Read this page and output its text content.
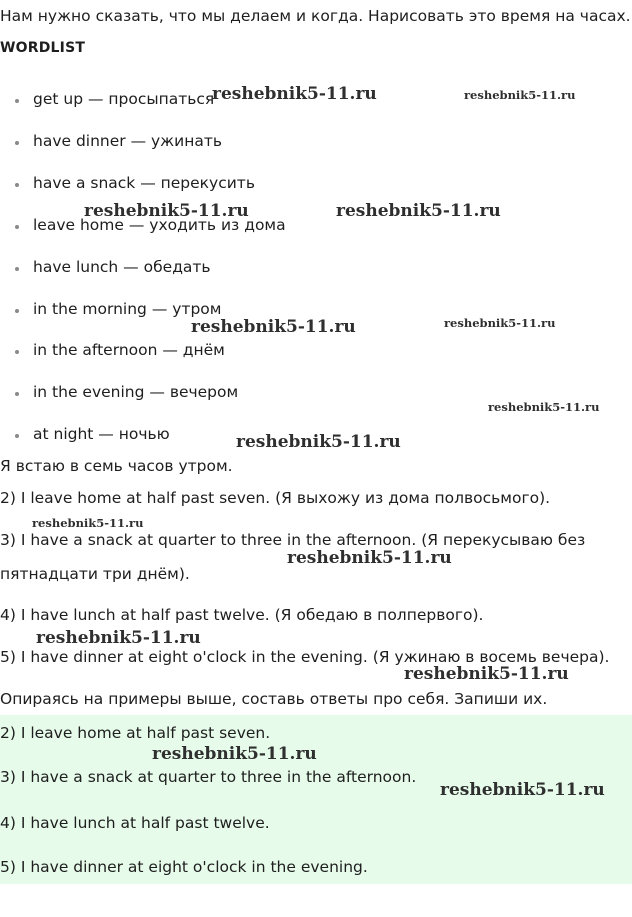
Нам нужно сказать, что мы делаем и когда. Нарисовать это время на часах.
WORDLIST
get up — просыпаться
have dinner — ужинать
have a snack — перекусить
leave home — уходить из дома
have lunch — обедать
in the morning — утром
in the afternoon — днём
in the evening — вечером
at night — ночью
Я встаю в семь часов утром.
2) I leave home at half past seven. (Я выхожу из дома полвосьмого).
3) I have a snack at quarter to three in the afternoon. (Я перекусываю без
пятнадцати три днём).
4) I have lunch at half past twelve. (Я обедаю в полпервого).
5) I have dinner at eight o'clock in the evening. (Я ужинаю в восемь вечера).
Опираясь на примеры выше, составь ответы про себя. Запиши их.
2) I leave home at half past seven.
3) I have a snack at quarter to three in the afternoon.
4) I have lunch at half past twelve.
5) I have dinner at eight o'clock in the evening.
reshebnik5-11.ru	reshebnik5-11.ru
reshebnik5-11.ru	reshebnik5-11.ru
reshebnik5-11.ru	reshebnik5-11.ru
reshebnik5-11.ru
reshebnik5-11.ru
reshebnik5-11.ru
reshebnik5-11.ru
reshebnik5-11.ru
reshebnik5-11.ru
reshebnik5-11.ru
reshebnik5-11.ru
